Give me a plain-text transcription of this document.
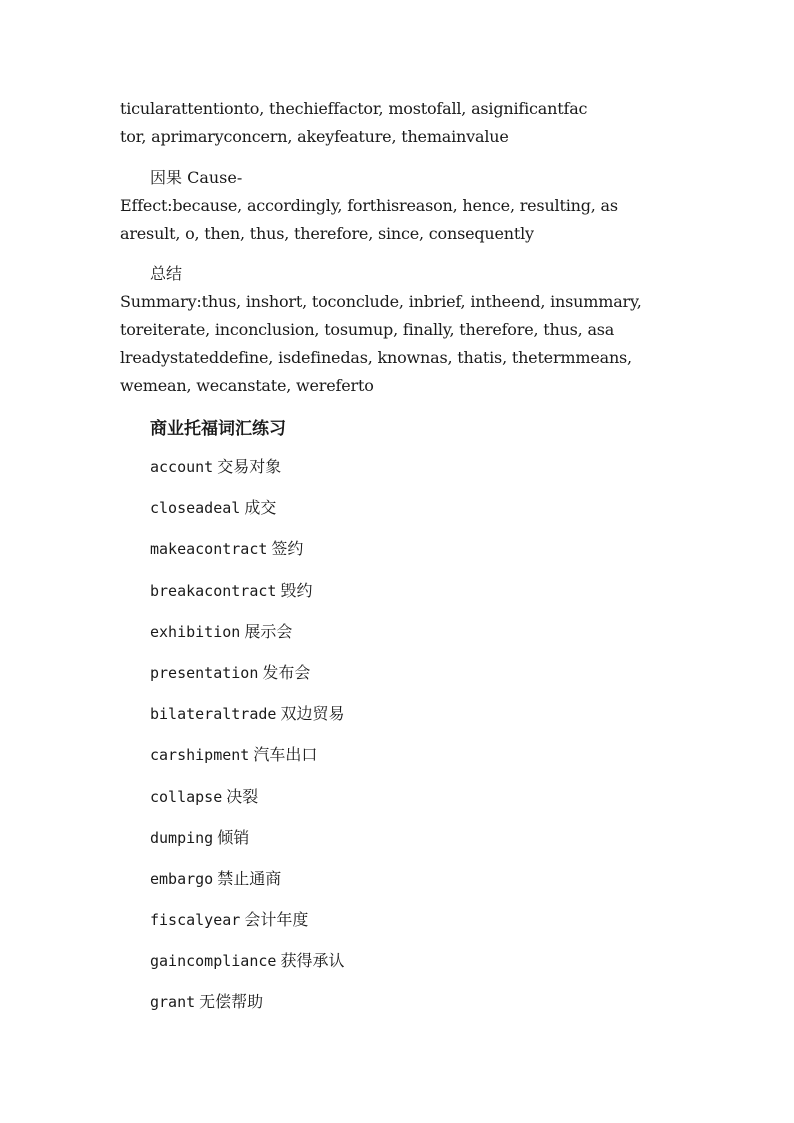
ticularattentionto, thechieffactor, mostofall, asignificantfac
tor, aprimaryconcern, akeyfeature, themainvalue
因果 Cause-
Effect:because, accordingly, forthisreason, hence, resulting, as
aresult, o, then, thus, therefore, since, consequently
总结
Summary:thus, inshort, toconclude, inbrief, intheend, insummary,
toreiterate, inconclusion, tosumup, finally, therefore, thus, asa
lreadystateddefine, isdefinedas, knownas, thatis, thetermmeans,
wemean, wecanstate, wereferto
商业托福词汇练习
account 交易对象
closeadeal 成交
makeacontract 签约
breakacontract 毁约
exhibition 展示会
presentation 发布会
bilateraltrade 双边贸易
carshipment 汽车出口
collapse 决裂
dumping 倾销
embargo 禁止通商
fiscalyear 会计年度
gaincompliance 获得承认
grant 无偿帮助
